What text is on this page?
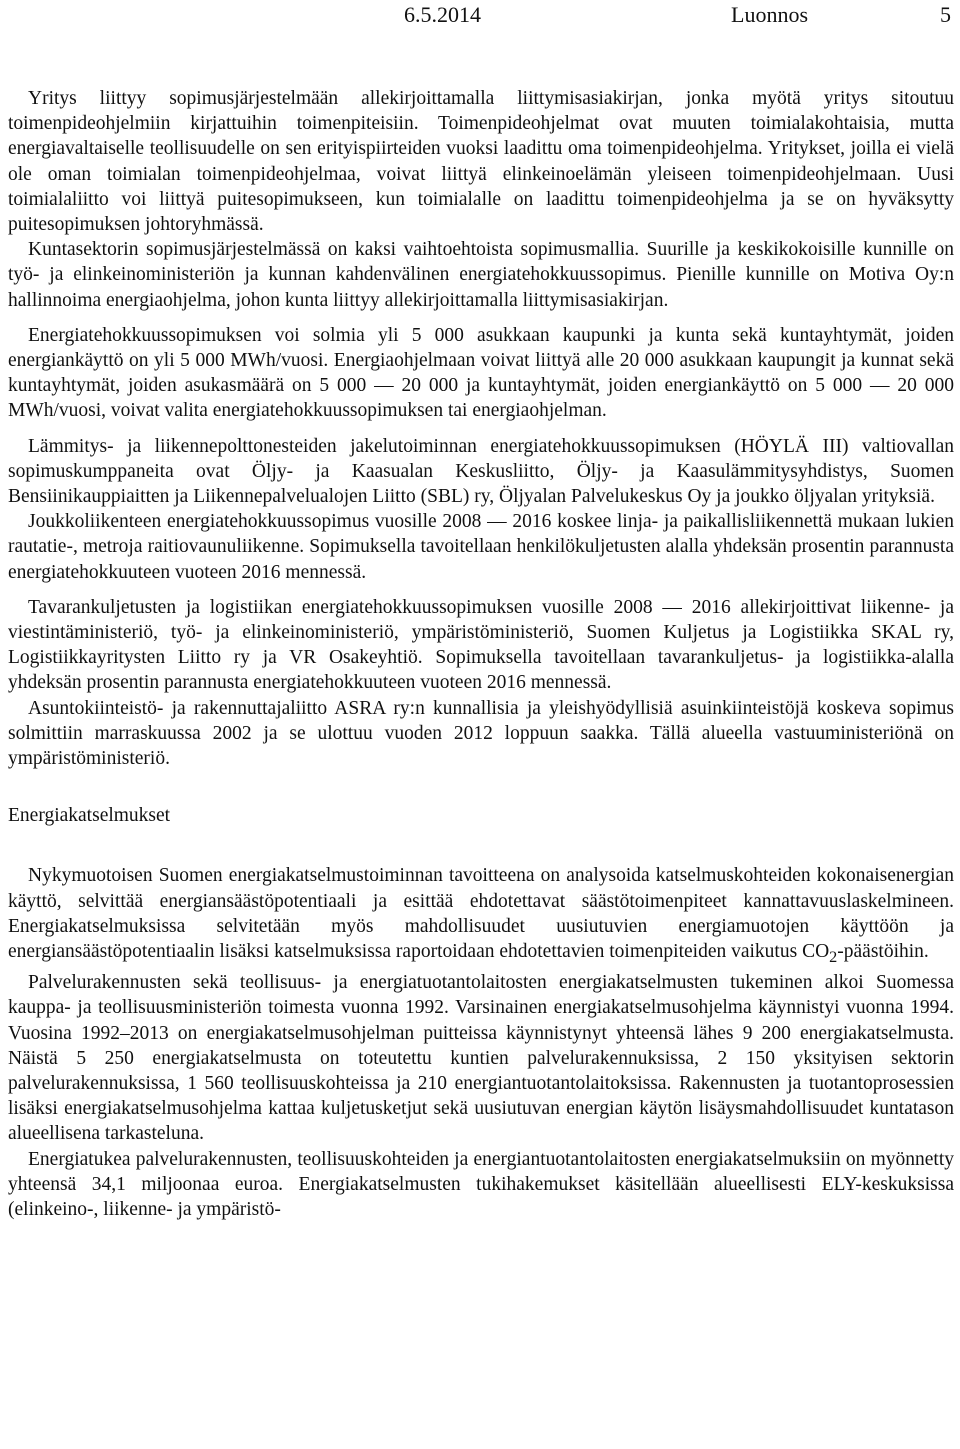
6.5.2014	Luonnos	5

Yritys liittyy sopimusjärjestelmään allekirjoittamalla liittymisasiakirjan, jonka myötä yritys sitoutuu toimenpideohjelmiin kirjattuihin toimenpiteisiin. Toimenpideohjelmat ovat muuten toimialakohtaisia, mutta energiavaltaiselle teollisuudelle on sen erityispiirteiden vuoksi laadittu oma toimenpideohjelma. Yritykset, joilla ei vielä ole oman toimialan toimenpideohjelmaa, voivat liittyä elinkeinoelämän yleiseen toimenpideohjelmaan. Uusi toimialaliitto voi liittyä puitesopimukseen, kun toimialalle on laadittu toimenpideohjelma ja se on hyväksytty puitesopimuksen johtoryhmässä.

Kuntasektorin sopimusjärjestelmässä on kaksi vaihtoehtoista sopimusmallia. Suurille ja keskikokoisille kunnille on työ- ja elinkeinoministeriön ja kunnan kahdenvälinen energiatehokkuussopimus. Pienille kunnille on Motiva Oy:n hallinnoima energiaohjelma, johon kunta liittyy allekirjoittamalla liittymisasiakirjan.

Energiatehokkuussopimuksen voi solmia yli 5 000 asukkaan kaupunki ja kunta sekä kuntayhtymät, joiden energiankäyttö on yli 5 000 MWh/vuosi. Energiaohjelmaan voivat liittyä alle 20 000 asukkaan kaupungit ja kunnat sekä kuntayhtymät, joiden asukasmäärä on 5 000 — 20 000 ja kuntayhtymät, joiden energiankäyttö on 5 000 — 20 000 MWh/vuosi, voivat valita energiatehokkuussopimuksen tai energiaohjelman.

Lämmitys- ja liikennepolttonesteiden jakelutoiminnan energiatehokkuussopimuksen (HÖYLÄ III) valtiovallan sopimuskumppaneita ovat Öljy- ja Kaasualan Keskusliitto, Öljy- ja Kaasulämmitysyhdistys, Suomen Bensiinikauppiaitten ja Liikennepalvelualojen Liitto (SBL) ry, Öljyalan Palvelukeskus Oy ja joukko öljyalan yrityksiä.

Joukkoliikenteen energiatehokkuussopimus vuosille 2008 — 2016 koskee linja- ja paikallisliikennettä mukaan lukien rautatie-, metroja raitiovaunuliikenne. Sopimuksella tavoitellaan henkilökuljetusten alalla yhdeksän prosentin parannusta energiatehokkuuteen vuoteen 2016 mennessä.

Tavarankuljetusten ja logistiikan energiatehokkuussopimuksen vuosille 2008 — 2016 allekirjoittivat liikenne- ja viestintäministeriö, työ- ja elinkeinoministeriö, ympäristöministeriö, Suomen Kuljetus ja Logistiikka SKAL ry, Logistiikkayritysten Liitto ry ja VR Osakeyhtiö. Sopimuksella tavoitellaan tavarankuljetus- ja logistiikka-alalla yhdeksän prosentin parannusta energiatehokkuuteen vuoteen 2016 mennessä.

Asuntokiinteistö- ja rakennuttajaliitto ASRA ry:n kunnallisia ja yleishyödyllisiä asuinkiinteistöjä koskeva sopimus solmittiin marraskuussa 2002 ja se ulottuu vuoden 2012 loppuun saakka. Tällä alueella vastuuministeriönä on ympäristöministeriö.

Energiakatselmukset

Nykymuotoisen Suomen energiakatselmustoiminnan tavoitteena on analysoida katselmuskohteiden kokonaisenergian käyttö, selvittää energiansäästöpotentiaali ja esittää ehdotettavat säästötoimenpiteet kannattavuuslaskelmineen. Energiakatselmuksissa selvitetään myös mahdollisuudet uusiutuvien energiamuotojen käyttöön ja energiansäästöpotentiaalin lisäksi katselmuksissa raportoidaan ehdotettavien toimenpiteiden vaikutus $CO_2$-päästöihin.

Palvelurakennusten sekä teollisuus- ja energiatuotantolaitosten energiakatselmusten tukeminen alkoi Suomessa kauppa- ja teollisuusministeriön toimesta vuonna 1992. Varsinainen energiakatselmusohjelma käynnistyi vuonna 1994. Vuosina 1992–2013 on energiakatselmusohjelman puitteissa käynnistynyt yhteensä lähes 9 200 energiakatselmusta. Näistä 5 250 energiakatselmusta on toteutettu kuntien palvelurakennuksissa, 2 150 yksityisen sektorin palvelurakennuksissa, 1 560 teollisuuskohteissa ja 210 energiantuotantolaitoksissa. Rakennusten ja tuotantoprosessien lisäksi energiakatselmusohjelma kattaa kuljetusketjut sekä uusiutuvan energian käytön lisäysmahdollisuudet kuntatason alueellisena tarkasteluna.

Energiatukea palvelurakennusten, teollisuuskohteiden ja energiantuotantolaitosten energiakatselmuksiin on myönnetty yhteensä 34,1 miljoonaa euroa. Energiakatselmusten tukihakemukset käsitellään alueellisesti ELY-keskuksissa (elinkeino-, liikenne- ja ympäristö-
